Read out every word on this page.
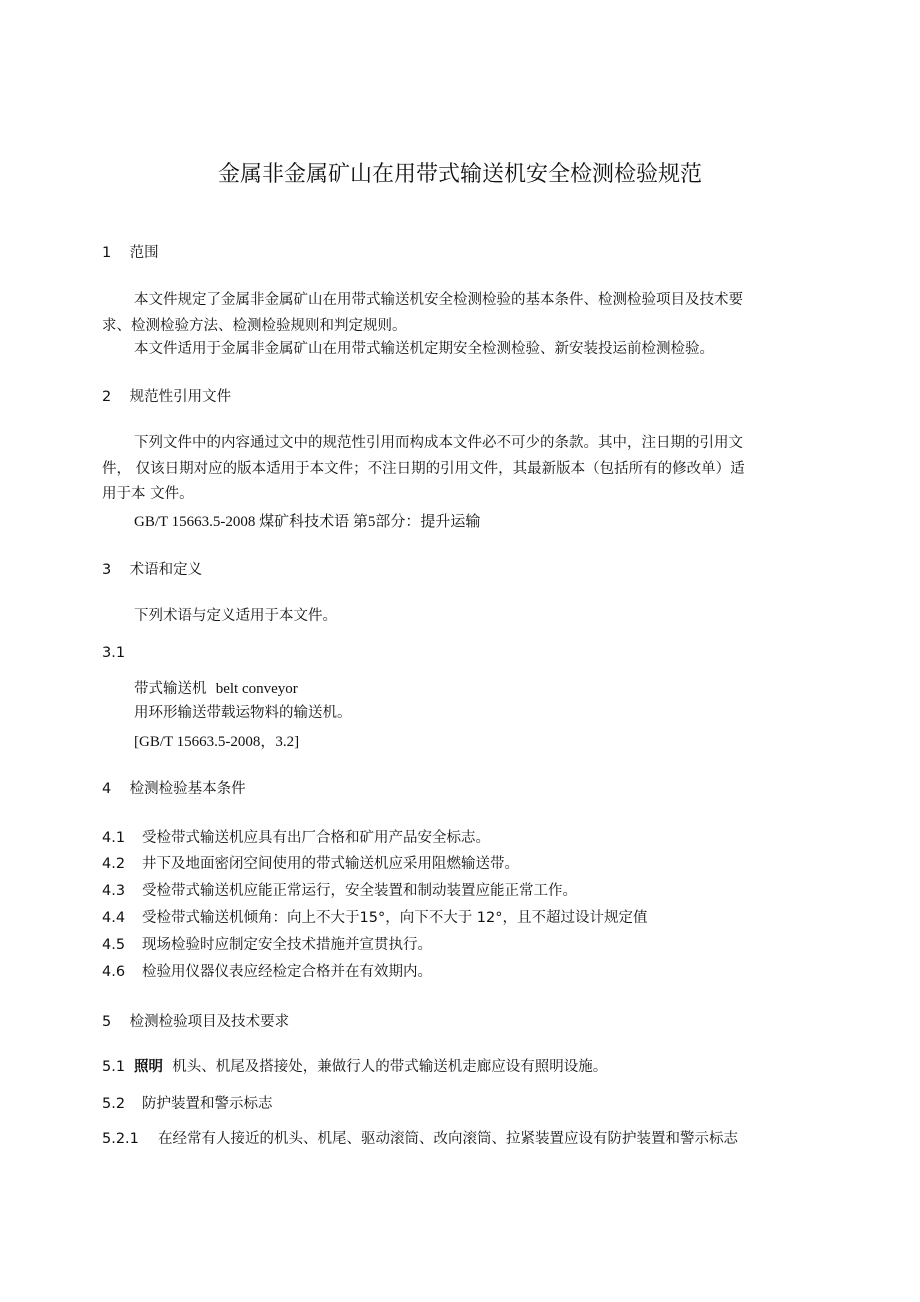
金属非金属矿山在用带式输送机安全检测检验规范
1 范围
本文件规定了金属非金属矿山在用带式输送机安全检测检验的基本条件、检测检验项目及技术要
求、检测检验方法、检测检验规则和判定规则。
本文件适用于金属非金属矿山在用带式输送机定期安全检测检验、新安装投运前检测检验。
2 规范性引用文件
下列文件中的内容通过文中的规范性引用而构成本文件必不可少的条款。其中，注日期的引用文
件， 仅该日期对应的版本适用于本文件；不注日期的引用文件，其最新版本（包括所有的修改单）适
用于本 文件。
GB/T 15663.5-2008 煤矿科技术语 第5部分：提升运输
3 术语和定义
下列术语与定义适用于本文件。
3.1
带式输送机 belt conveyor
用环形输送带载运物料的输送机。
[GB/T 15663.5-2008，3.2]
4 检测检验基本条件
4.1 受检带式输送机应具有出厂合格和矿用产品安全标志。
4.2 井下及地面密闭空间使用的带式输送机应采用阻燃输送带。
4.3 受检带式输送机应能正常运行，安全装置和制动装置应能正常工作。
4.4 受检带式输送机倾角：向上不大于15°，向下不大于 12°，且不超过设计规定值
4.5 现场检验时应制定安全技术措施并宣贯执行。
4.6 检验用仪器仪表应经检定合格并在有效期内。
5 检测检验项目及技术要求
5.1 照明 机头、机尾及搭接处，兼做行人的带式输送机走廊应设有照明设施。
5.2 防护装置和警示标志
5.2.1 在经常有人接近的机头、机尾、驱动滚筒、改向滚筒、拉紧装置应设有防护装置和警示标志
